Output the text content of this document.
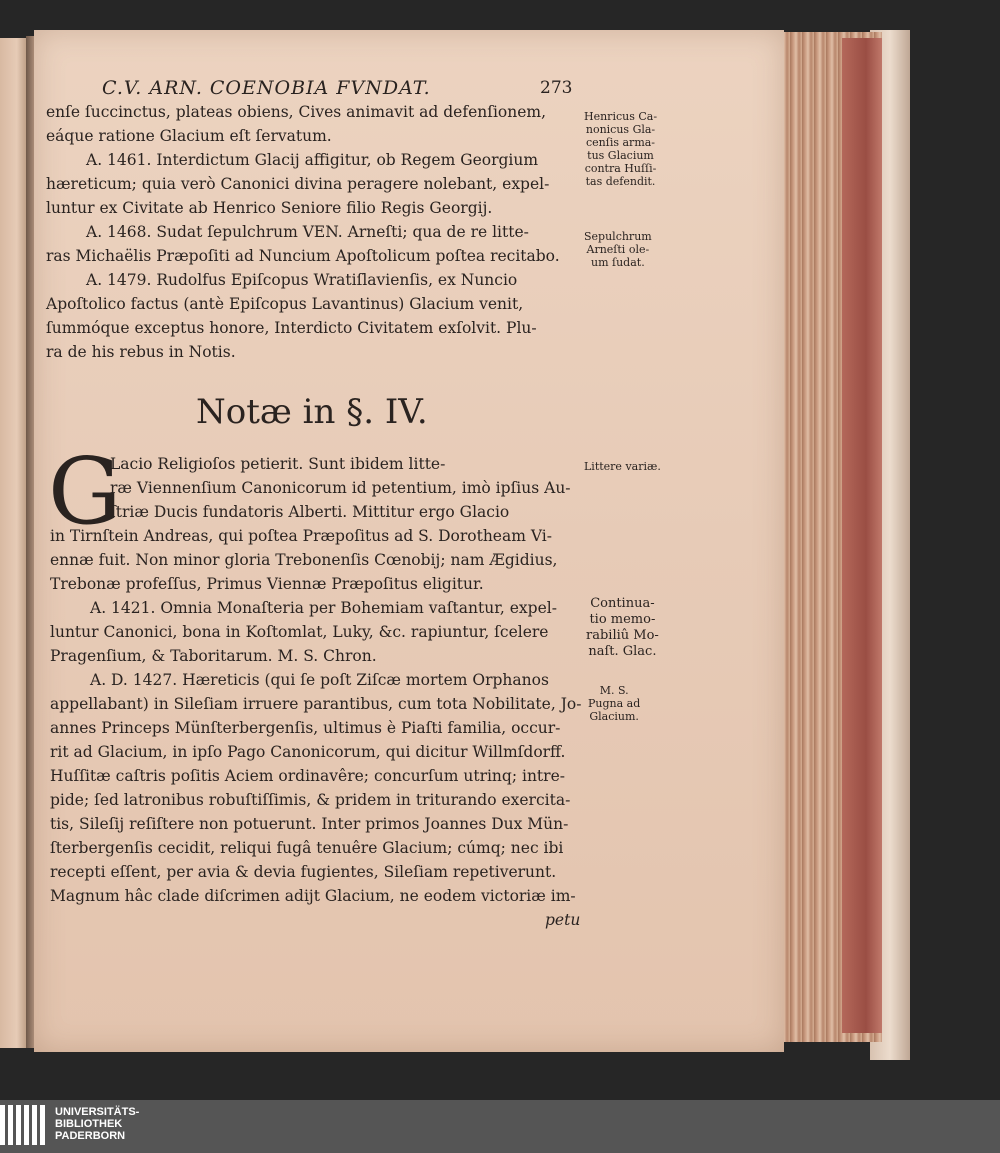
C.V. ARN. COENOBIA FVNDAT.	273
enſe ſuccinctus, plateas obiens, Cives animavit ad defenſionem,
eáque ratione Glacium eſt ſervatum.
A. 1461. Interdictum Glacij affigitur, ob Regem Georgium
hæreticum; quia verò Canonici divina peragere nolebant, expel-
luntur ex Civitate ab Henrico Seniore filio Regis Georgij.
A. 1468. Sudat ſepulchrum VEN. Arneſti; qua de re litte-
ras Michaëlis Præpoſiti ad Nuncium Apoſtolicum poſtea recitabo.
A. 1479. Rudolfus Epiſcopus Wratiſlavienſis, ex Nuncio
Apoſtolico factus (antè Epiſcopus Lavantinus) Glacium venit,
ſummóque exceptus honore, Interdicto Civitatem exſolvit. Plu-
ra de his rebus in Notis.
Notæ in §. IV.
G
Lacio Religioſos petierit. Sunt ibidem litte-
ræ Viennenſium Canonicorum id petentium, imò ipſius Au-
ſtriæ Ducis fundatoris Alberti. Mittitur ergo Glacio
in Tirnſtein Andreas, qui poſtea Præpoſitus ad S. Dorotheam Vi-
ennæ fuit. Non minor gloria Trebonenſis Cœnobij; nam Ægidius,
Trebonæ profeſſus, Primus Viennæ Præpoſitus eligitur.
A. 1421. Omnia Monaſteria per Bohemiam vaſtantur, expel-
luntur Canonici, bona in Koſtomlat, Luky, &c. rapiuntur, ſcelere
Pragenſium, & Taboritarum. M. S. Chron.
A. D. 1427. Hæreticis (qui ſe poſt Ziſcæ mortem Orphanos
appellabant) in Sileſiam irruere parantibus, cum tota Nobilitate, Jo-
annes Princeps Münſterbergenſis, ultimus è Piaſti familia, occur-
rit ad Glacium, in ipſo Pago Canonicorum, qui dicitur Willmſdorff.
Huſſitæ caſtris poſitis Aciem ordinavêre; concurſum utrinq; intre-
pide; ſed latronibus robuſtiſſimis, & pridem in triturando exercita-
tis, Sileſij reſiſtere non potuerunt. Inter primos Joannes Dux Mün-
ſterbergenſis cecidit, reliqui fugâ tenuêre Glacium; cúmq; nec ibi
recepti eſſent, per avia & devia fugientes, Sileſiam repetiverunt.
Magnum hâc clade diſcrimen adijt Glacium, ne eodem victoriæ im-
petu
Henricus Ca-
nonicus Gla-
cenſis arma-
tus Glacium
contra Huſſi-
tas defendit.
Sepulchrum
Arneſti ole-
um ſudat.
Littere variæ.
Continua-
tio memo-
rabiliû Mo-
naſt. Glac.
M. S.
Pugna ad
Glacium.
UNIVERSITÄTS-
BIBLIOTHEK
PADERBORN
